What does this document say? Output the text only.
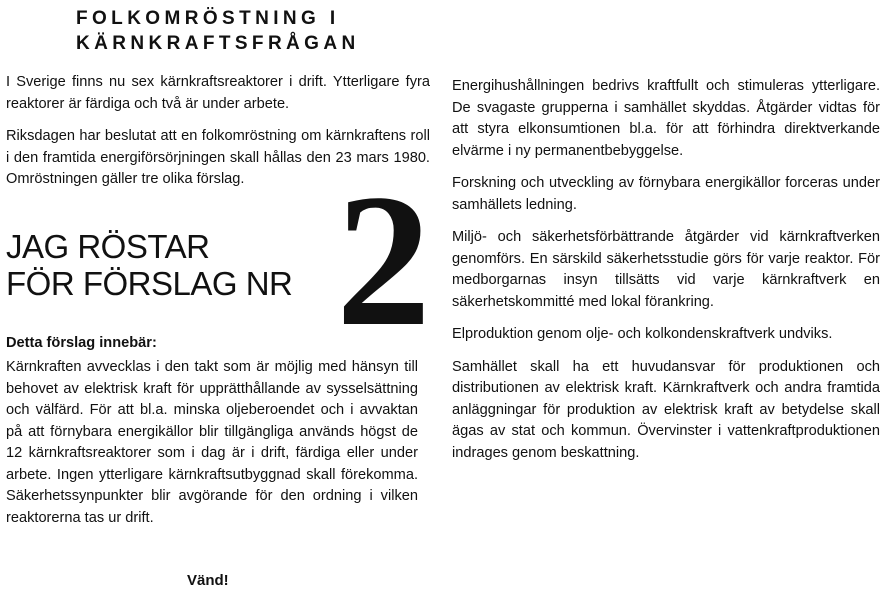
FOLKOMRÖSTNING I
KÄRNKRAFTSFRÅGAN

I Sverige finns nu sex kärnkraftsreaktorer i drift. Ytterligare fyra reaktorer är färdiga och två är under arbete.

Riksdagen har beslutat att en folkomröstning om kärnkraftens roll i den framtida energiförsörjningen skall hållas den 23 mars 1980. Omröstningen gäller tre olika förslag.

JAG RÖSTAR
FÖR FÖRSLAG NR 2
Detta förslag innebär:

Kärnkraften avvecklas i den takt som är möjlig med hänsyn till behovet av elektrisk kraft för upprätthållande av sysselsättning och välfärd. För att bl.a. minska oljeberoendet och i avvaktan på att förnybara energikällor blir tillgängliga används högst de 12 kärnkraftsreaktorer som i dag är i drift, färdiga eller under arbete. Ingen ytterligare kärnkraftsutbyggnad skall förekomma. Säkerhetssynpunkter blir avgörande för den ordning i vilken reaktorerna tas ur drift.

Energihushållningen bedrivs kraftfullt och stimuleras ytterligare. De svagaste grupperna i samhället skyddas. Åtgärder vidtas för att styra elkonsumtionen bl.a. för att förhindra direktverkande elvärme i ny permanentbebyggelse.

Forskning och utveckling av förnybara energikällor forceras under samhällets ledning.

Miljö- och säkerhetsförbättrande åtgärder vid kärnkraftverken genomförs. En särskild säkerhetsstudie görs för varje reaktor. För medborgarnas insyn tillsätts vid varje kärnkraftverk en säkerhetskommitté med lokal förankring.

Elproduktion genom olje- och kolkondenskraftverk undviks.

Samhället skall ha ett huvudansvar för produktionen och distributionen av elektrisk kraft. Kärnkraftverk och andra framtida anläggningar för produktion av elektrisk kraft av betydelse skall ägas av stat och kommun. Övervinster i vattenkraftproduktionen indrages genom beskattning.

Vänd!
